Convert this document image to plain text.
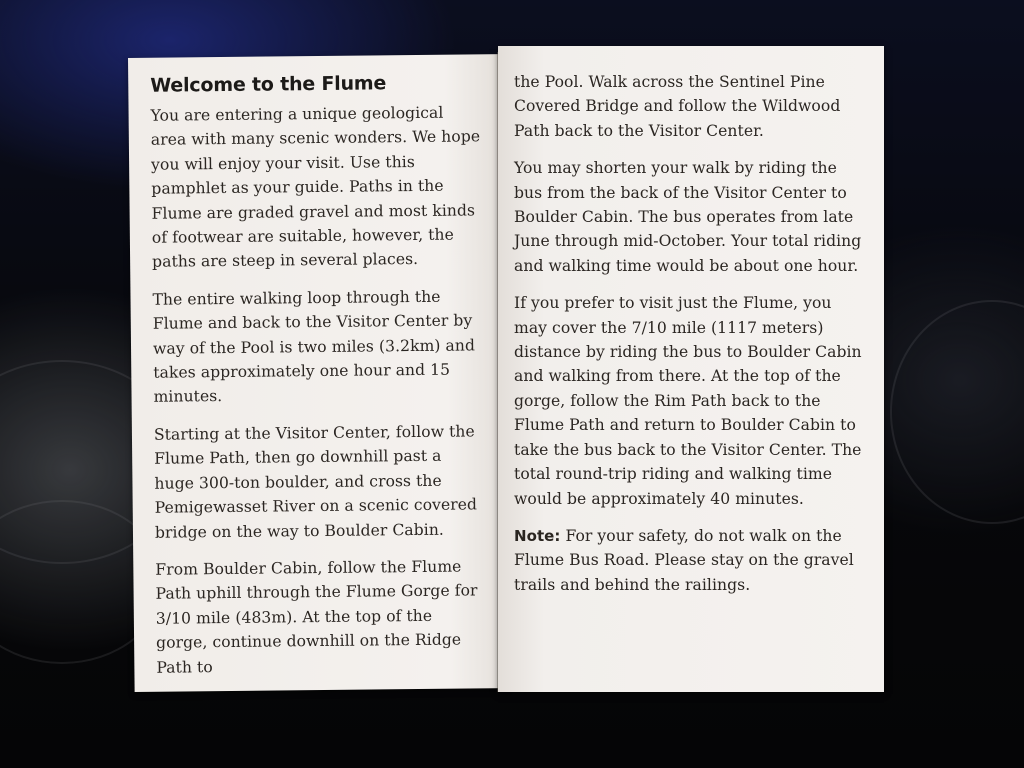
Welcome to the Flume

You are entering a unique geological area with many scenic wonders. We hope you will enjoy your visit. Use this pamphlet as your guide. Paths in the Flume are graded gravel and most kinds of footwear are suitable, however, the paths are steep in several places.

The entire walking loop through the Flume and back to the Visitor Center by way of the Pool is two miles (3.2km) and takes approximately one hour and 15 minutes.

Starting at the Visitor Center, follow the Flume Path, then go downhill past a huge 300-ton boulder, and cross the Pemigewasset River on a scenic covered bridge on the way to Boulder Cabin.

From Boulder Cabin, follow the Flume Path uphill through the Flume Gorge for 3/10 mile (483m). At the top of the gorge, continue downhill on the Ridge Path to

the Pool. Walk across the Sentinel Pine Covered Bridge and follow the Wildwood Path back to the Visitor Center.

You may shorten your walk by riding the bus from the back of the Visitor Center to Boulder Cabin. The bus operates from late June through mid-October. Your total riding and walking time would be about one hour.

If you prefer to visit just the Flume, you may cover the 7/10 mile (1117 meters) distance by riding the bus to Boulder Cabin and walking from there. At the top of the gorge, follow the Rim Path back to the Flume Path and return to Boulder Cabin to take the bus back to the Visitor Center. The total round-trip riding and walking time would be approximately 40 minutes.

Note: For your safety, do not walk on the Flume Bus Road. Please stay on the gravel trails and behind the railings.
